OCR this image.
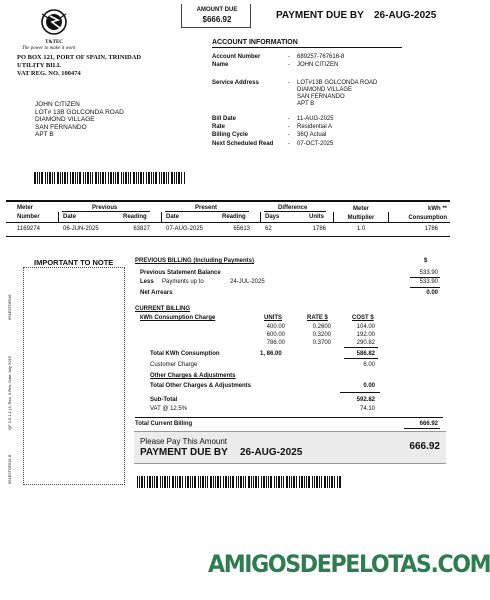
T&TEC
The power to make it work
PO BOX 121, PORT OF SPAIN, TRINIDAD
UTILITY BILL
VAT REG. NO. 100474
AMOUNT DUE
$666.92	PAYMENT DUE BY 26-AUG-2025
ACCOUNT INFORMATION
Account Number	- 689257-767616-8
Name	- JOHN CITIZEN
Service Address	- LOT#13B GOLCONDA ROAD
DIAMOND VILLAGE
SAN FERNANDO
APT B
Bill Date	- 11-AUG-2025
Rate	- Residential A
Billing Cycle	- 36Q Actual
Next Scheduled Read - 07-OCT-2025
JOHN CITIZEN
LOT# 13B GOLCONDA ROAD
DIAMOND VILLAGE
SAN FERNANDO
APT B
Meter
Number
Previous	Present	Difference	Meter
Multiplier
kWh **
Consumption
Date	Reading	Date	Reading	Days	Units
1169274	06-JUN-2025	63827	07-AUG-2025	65613	62	1786	1.0	1786
IMPORTANT TO NOTE
691E5TOR/16
QF 3.5.1.1 (4, Rev. 0 Rev. Date July 2015
691E5TOR/16-8
PREVIOUS BILLING (Including Payments)	$
Previous Statement Balance	533.90
Less Payments up to	24-JUL-2025	533.90
Net Arrears	0.00
CURRENT BILLING
kWh Consumption Charge	UNITS	RATE $	COST $
400.00	0.2600	104.00
600.00	0.3200	192.00
786.00	0.3700	290.82
Total KWh Consumption	1, 86.00	586.82
Customer Charge	6.00
Other Charges & Adjustments
Total Other Charges & Adjustments	0.00
Sub-Total	592.82
VAT @ 12.5%	74.10
Total Current Billing	666.92
Please Pay This Amount
PAYMENT DUE BY 26-AUG-2025
666.92
AMIGOSDEPELOTAS.COM
